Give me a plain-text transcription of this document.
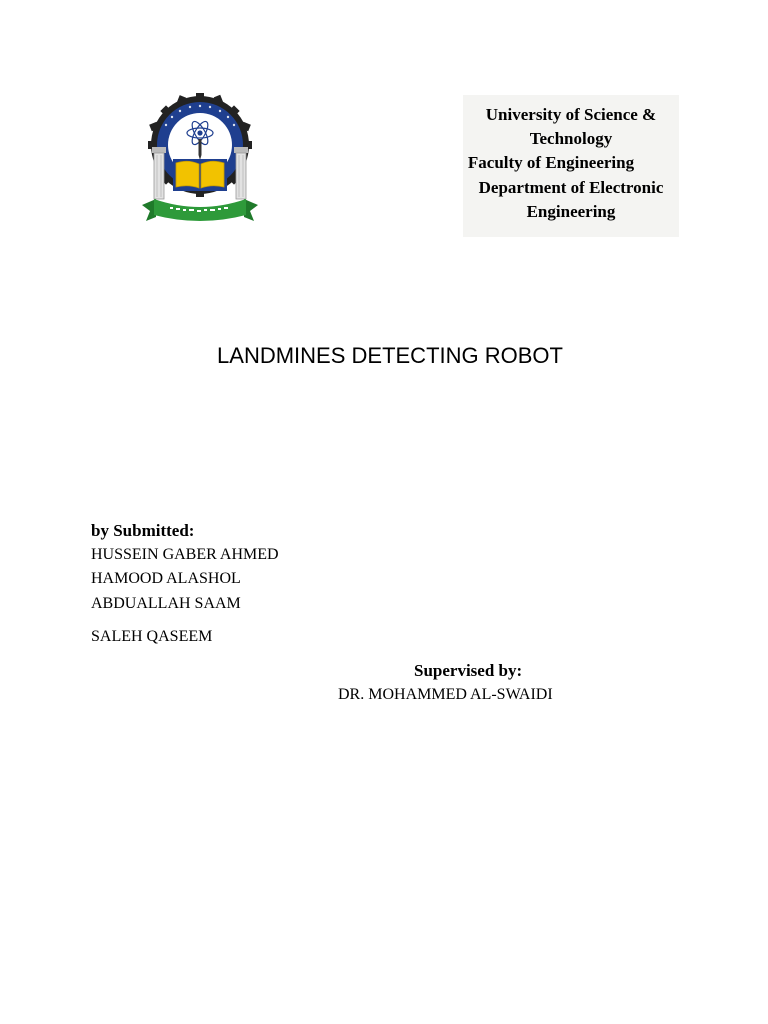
University of Science &
Technology
Faculty of Engineering
Department of Electronic
Engineering
LANDMINES DETECTING ROBOT
by Submitted:
HUSSEIN GABER AHMED
HAMOOD ALASHOL
ABDUALLAH SAAM
SALEH QASEEM
Supervised by:
DR. MOHAMMED AL-SWAIDI
